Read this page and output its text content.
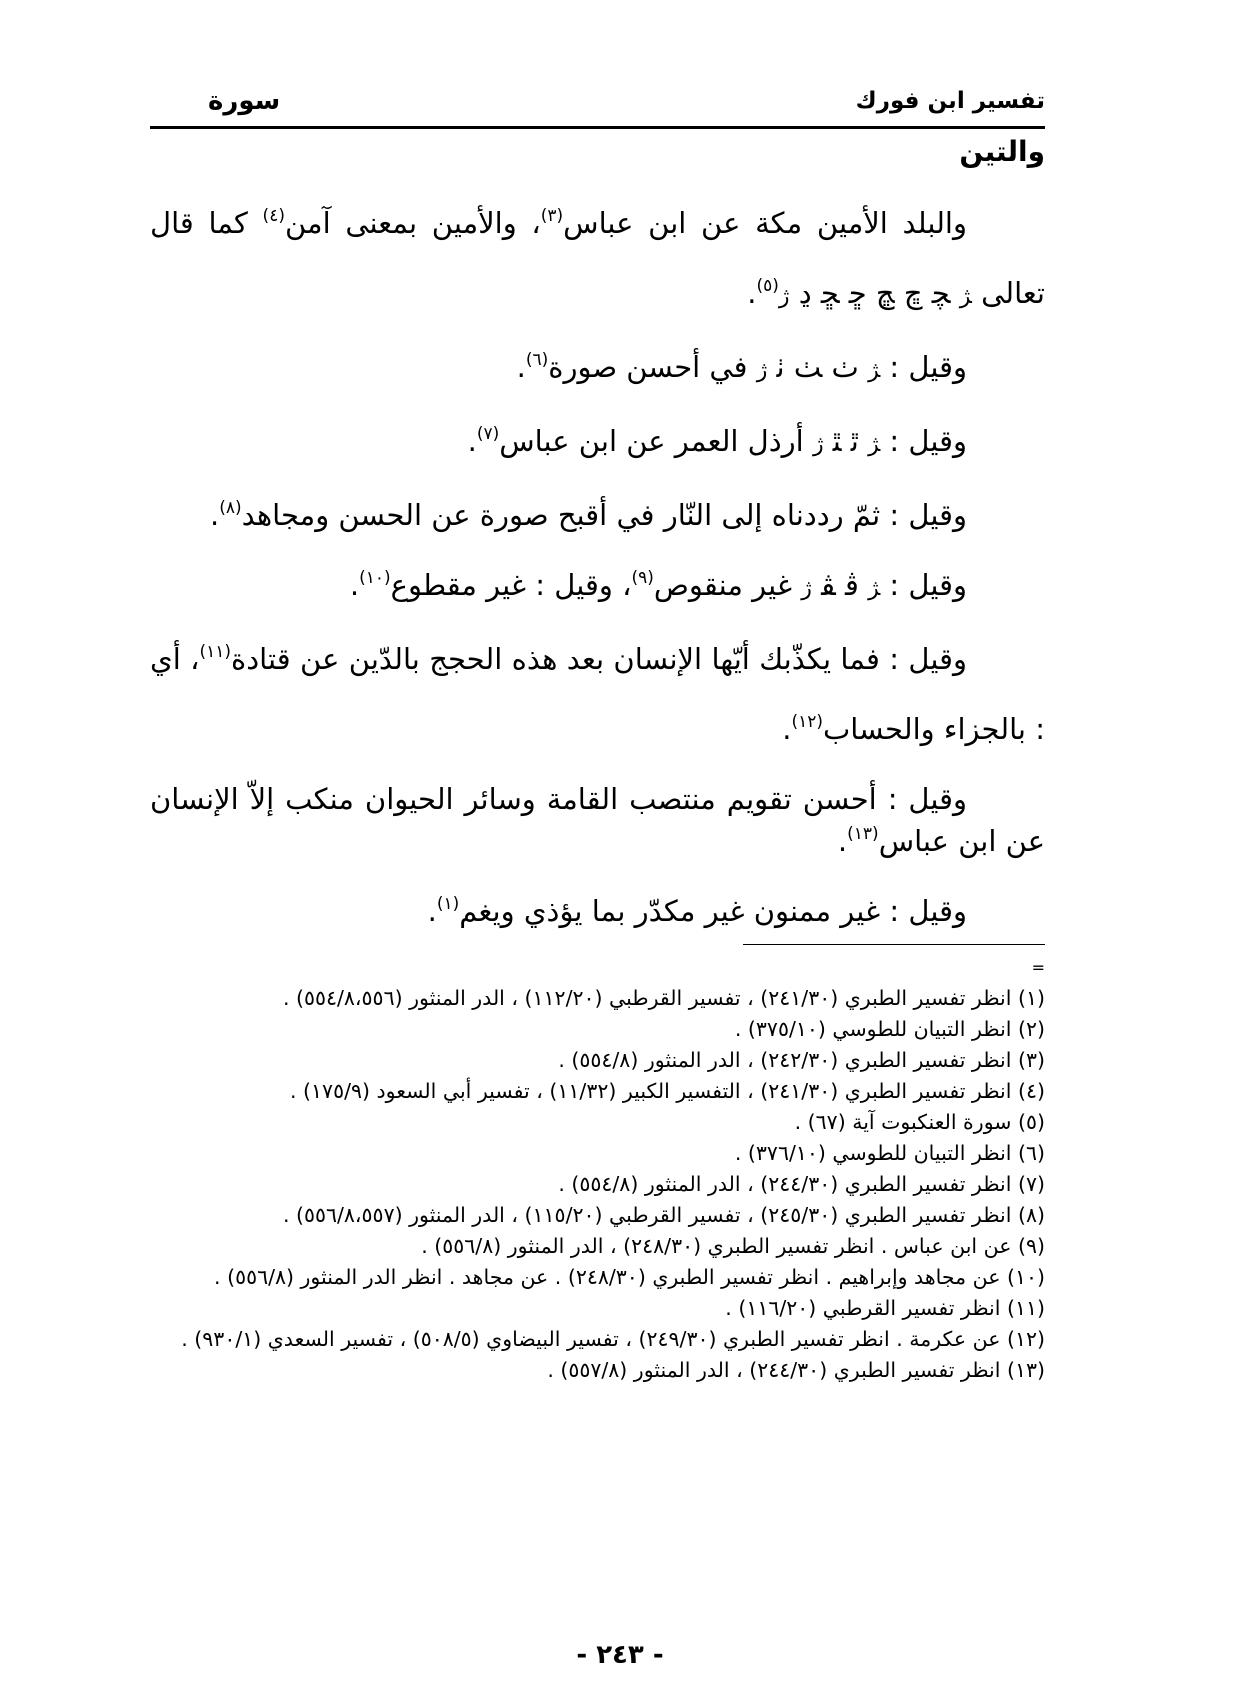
تفسير ابن فورك
سورة
والتين

والبلد الأمين مكة عن ابن عباس$^{(٣)}$، والأمين بمعنى آمن$^{(٤)}$ كما قال تعالى ﮋ ﭽ ﭾ ﭿ ﮀ ﮁ ﮂ ﮊ$^{(٥)}$.

وقيل : ﮋ ﭞ ﭟ ﭠ ﮊ في أحسن صورة$^{(٦)}$.

وقيل : ﮋ ﭤ ﭥ ﮊ أرذل العمر عن ابن عباس$^{(٧)}$.

وقيل : ثمّ رددناه إلى النّار في أقبح صورة عن الحسن ومجاهد$^{(٨)}$.

وقيل : ﮋ ﭬ ﭭ ﮊ غير منقوص$^{(٩)}$، وقيل : غير مقطوع$^{(١٠)}$.

وقيل : فما يكذّبك أيّها الإنسان بعد هذه الحجج بالدّين عن قتادة$^{(١١)}$، أي : بالجزاء والحساب$^{(١٢)}$.

وقيل : أحسن تقويم منتصب القامة وسائر الحيوان منكب إلاّ الإنسان عن ابن عباس$^{(١٣)}$.

وقيل : غير ممنون غير مكدّر بما يؤذي ويغم$^{(١)}$.

=

(١) انظر تفسير الطبري (٢٤١/٣٠) ، تفسير القرطبي (١١٢/٢٠) ، الدر المنثور (٥٥٤/٨،٥٥٦) .

(٢) انظر التبيان للطوسي (٣٧٥/١٠) .

(٣) انظر تفسير الطبري (٢٤٢/٣٠) ، الدر المنثور (٥٥٤/٨) .

(٤) انظر تفسير الطبري (٢٤١/٣٠) ، التفسير الكبير (١١/٣٢) ، تفسير أبي السعود (١٧٥/٩) .

(٥) سورة العنكبوت آية (٦٧) .

(٦) انظر التبيان للطوسي (٣٧٦/١٠) .

(٧) انظر تفسير الطبري (٢٤٤/٣٠) ، الدر المنثور (٥٥٤/٨) .

(٨) انظر تفسير الطبري (٢٤٥/٣٠) ، تفسير القرطبي (١١٥/٢٠) ، الدر المنثور (٥٥٦/٨،٥٥٧) .

(٩) عن ابن عباس . انظر تفسير الطبري (٢٤٨/٣٠) ، الدر المنثور (٥٥٦/٨) .

(١٠) عن مجاهد وإبراهيم . انظر تفسير الطبري (٢٤٨/٣٠) . عن مجاهد . انظر الدر المنثور (٥٥٦/٨) .

(١١) انظر تفسير القرطبي (١١٦/٢٠) .

(١٢) عن عكرمة . انظر تفسير الطبري (٢٤٩/٣٠) ، تفسير البيضاوي (٥٠٨/٥) ، تفسير السعدي (٩٣٠/١) .

(١٣) انظر تفسير الطبري (٢٤٤/٣٠) ، الدر المنثور (٥٥٧/٨) .

- ٢٤٣ -
